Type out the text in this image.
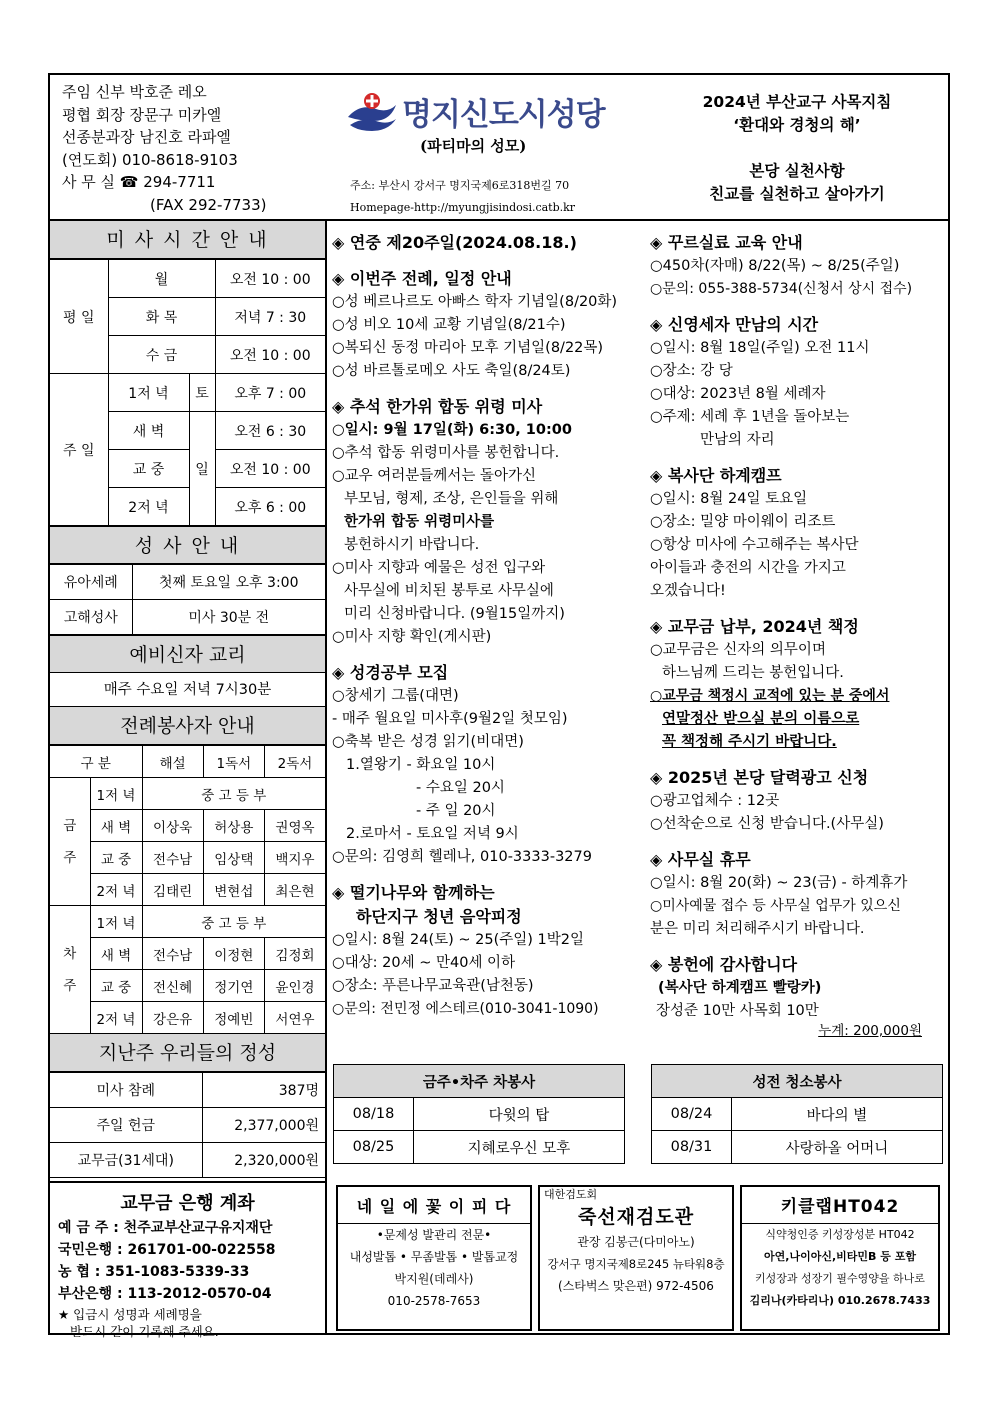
주임 신부 박호준 레오
평협 회장 장문구 미카엘
선종분과장 남진호 라파엘
(연도회) 010-8618-9103
사 무 실 ☎ 294-7711
(FAX 292-7733)
명지신도시성당
(파티마의 성모)
주소: 부산시 강서구 명지국제6로318번길 70
Homepage-http://myungjisindosi.catb.kr
2024년 부산교구 사목지침
‘환대와 경청의 해’
본당 실천사항
친교를 실천하고 살아가기
미 사 시 간 안 내
평 일	월		오전 10 : 00
	화 목		저녁 7 : 30
	수 금		오전 10 : 00
주 일	1저 녁	토	오후 7 : 00
	새 벽	일	오전 6 : 30
	교 중		오전 10 : 00
	2저 녁		오후 6 : 00
성 사 안 내
유아세례	첫째 토요일 오후 3:00
고해성사	미사 30분 전
예비신자 교리
매주 수요일 저녁 7시30분
전례봉사자 안내
구 분		해설	1독서	2독서
금

주	1저 녁	중 고 등 부		
	새 벽	이상욱	허상용	권영옥
	교 중	전수남	임상택	백지우
	2저 녁	김태린	변현섭	최은현
차

주	1저 녁	중 고 등 부		
	새 벽	전수남	이정현	김정회
	교 중	전신혜	정기연	윤인경
	2저 녁	강은유	정예빈	서연우
지난주 우리들의 정성
미사 참례	387명
주일 헌금	2,377,000원
교무금(31세대)	2,320,000원
교무금 은행 계좌
예 금 주 : 천주교부산교구유지재단
국민은행 : 261701-00-022558
농 협 : 351-1083-5339-33
부산은행 : 113-2012-0570-04
★ 입금시 성명과 세례명을
반드시 같이 기록해 주세요.
◈ 연중 제20주일(2024.08.18.)
◈ 이번주 전례, 일정 안내
○성 베르나르도 아빠스 학자 기념일(8/20화)
○성 비오 10세 교황 기념일(8/21수)
○복되신 동정 마리아 모후 기념일(8/22목)
○성 바르톨로메오 사도 축일(8/24토)
◈ 추석 한가위 합동 위령 미사
○일시: 9월 17일(화) 6:30, 10:00
○추석 합동 위령미사를 봉헌합니다.
○교우 여러분들께서는 돌아가신
부모님, 형제, 조상, 은인들을 위해
한가위 합동 위령미사를
봉헌하시기 바랍니다.
○미사 지향과 예물은 성전 입구와
사무실에 비치된 봉투로 사무실에
미리 신청바랍니다. (9월15일까지)
○미사 지향 확인(게시판)
◈ 성경공부 모집
○창세기 그룹(대면)
- 매주 월요일 미사후(9월2일 첫모임)
○축복 받은 성경 읽기(비대면)
1.열왕기 - 화요일 10시
- 수요일 20시
- 주 일 20시
2.로마서 - 토요일 저녁 9시
○문의: 김영희 헬레나, 010-3333-3279
◈ 떨기나무와 함께하는
하단지구 청년 음악피정
○일시: 8월 24(토) ~ 25(주일) 1박2일
○대상: 20세 ~ 만40세 이하
○장소: 푸른나무교육관(남천동)
○문의: 전민정 에스테르(010-3041-1090)
◈ 꾸르실료 교육 안내
○450차(자매) 8/22(목) ~ 8/25(주일)
○문의: 055-388-5734(신청서 상시 접수)
◈ 신영세자 만남의 시간
○일시: 8월 18일(주일) 오전 11시
○장소: 강 당
○대상: 2023년 8월 세례자
○주제: 세례 후 1년을 돌아보는
만남의 자리
◈ 복사단 하계캠프
○일시: 8월 24일 토요일
○장소: 밀양 마이웨이 리조트
○항상 미사에 수고해주는 복사단
아이들과 충전의 시간을 가지고
오겠습니다!
◈ 교무금 납부, 2024년 책정
○교무금은 신자의 의무이며
하느님께 드리는 봉헌입니다.
○교무금 책정시 교적에 있는 분 중에서
연말정산 받으실 분의 이름으로
꼭 책정해 주시기 바랍니다.
◈ 2025년 본당 달력광고 신청
○광고업체수 : 12곳
○선착순으로 신청 받습니다.(사무실)
◈ 사무실 휴무
○일시: 8월 20(화) ~ 23(금) - 하계휴가
○미사예물 접수 등 사무실 업무가 있으신
분은 미리 처리해주시기 바랍니다.
◈ 봉헌에 감사합니다
(복사단 하계캠프 빨랑카)
장성준 10만 사목회 10만
누계: 200,000원
금주•차주 차봉사	
08/18	다윗의 탑
08/25	지혜로우신 모후
성전 청소봉사	
08/24	바다의 별
08/31	사랑하올 어머니
네 일 에 꽃 이 피 다
•문제성 발관리 전문•
내성발톱 • 무좀발톱 • 발톱교정
박지원(데레사)
010-2578-7653
대한검도회
죽선재검도관
관장 김봉근(다미아노)
강서구 명지국제8로245 뉴타워8층
(스타벅스 맞은편) 972-4506
키클랩HT042
식약청인증 키성장성분 HT042
아연,나이아신,비타민B 등 포함
키성장과 성장기 필수영양을 하나로
김리나(카타리나) 010.2678.7433
